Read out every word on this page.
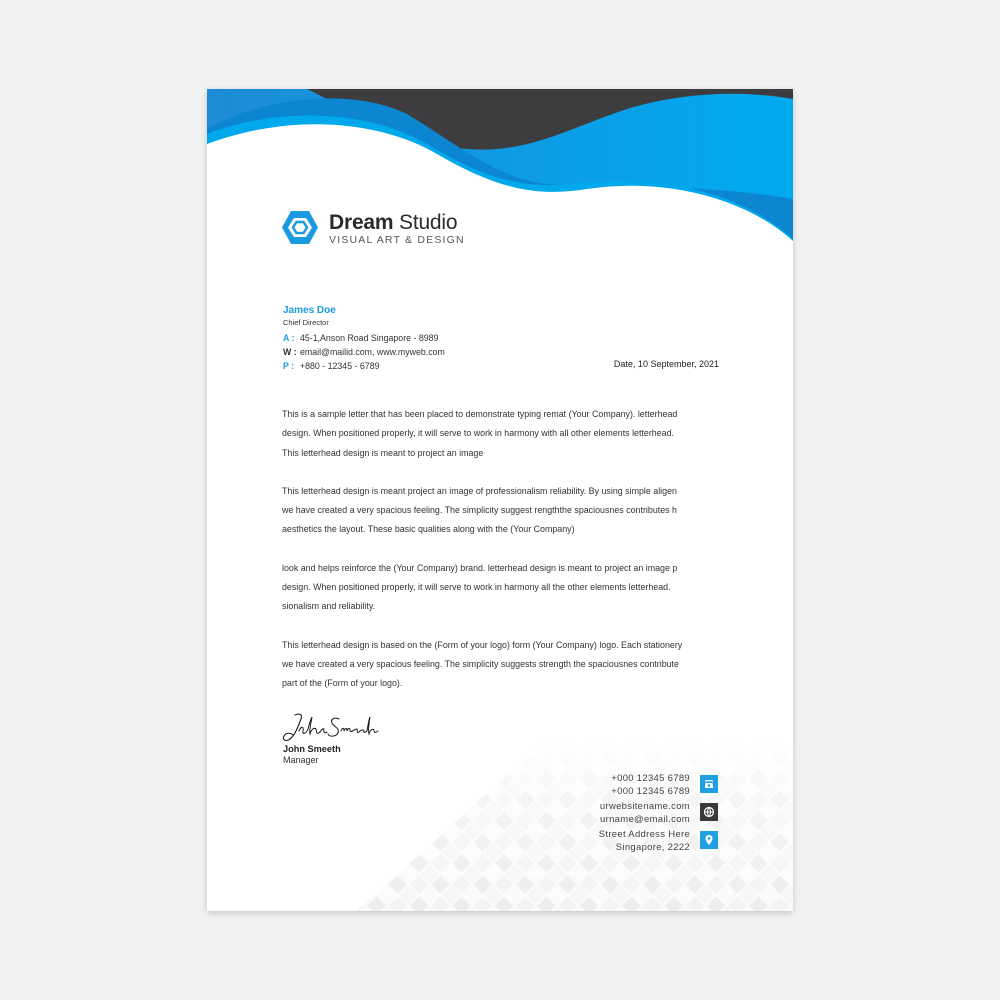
Dream Studio
VISUAL ART & DESIGN
James Doe
Chief Director
A : 45-1,Anson Road Singapore - 8989
W : email@mailid.com, www.myweb.com
P : +880 - 12345 - 6789	Date, 10 September, 2021
This is a sample letter that has been placed to demonstrate typing remat (Your Company). letterhead
design. When positioned properly, it will serve to work in harmony with all other elements letterhead.
This letterhead design is meant to project an image
This letterhead design is meant project an image of professionalism reliability. By using simple aligen
we have created a very spacious feeling. The simplicity suggest rengththe spaciousnes contributes h
aesthetics the layout. These basic qualities along with the (Your Company)
look and helps reinforce the (Your Company) brand. letterhead design is meant to project an image p
design. When positioned properly, it will serve to work in harmony all the other elements letterhead.
sionalism and reliability.
This letterhead design is based on the (Form of your logo) form (Your Company) logo. Each stationery
we have created a very spacious feeling. The simplicity suggests strength the spaciousnes contribute
part of the (Form of your logo).
John Smeeth
Manager
+000 12345 6789
+000 12345 6789
urwebsitename.com
urname@email.com
Street Address Here
Singapore, 2222
